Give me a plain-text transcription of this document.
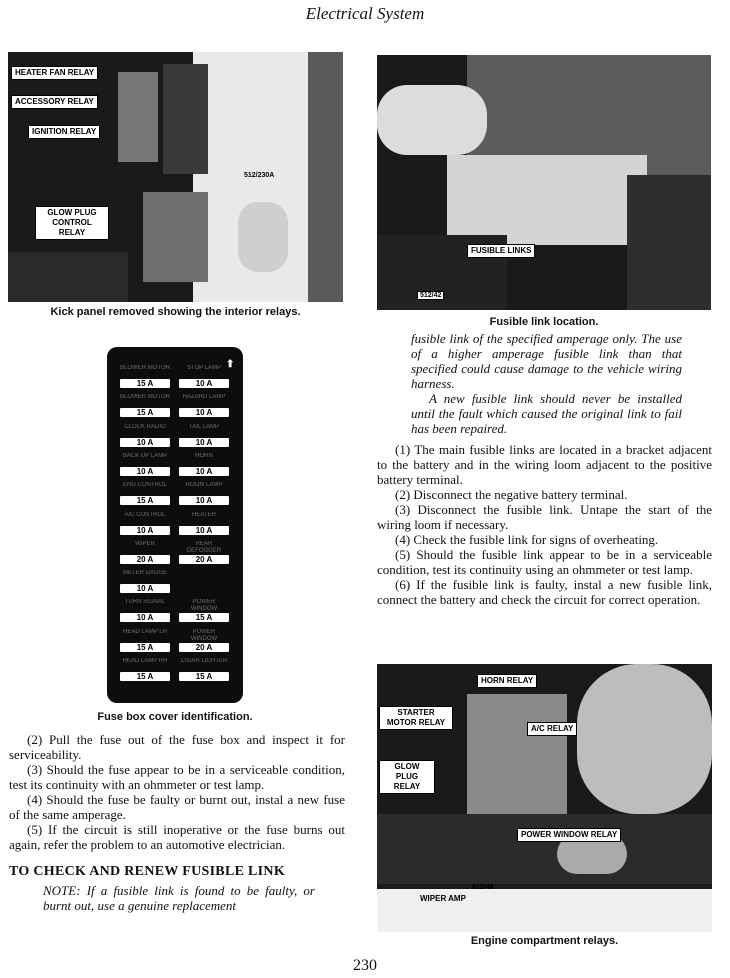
Electrical System
HEATER FAN RELAY
ACCESSORY RELAY
IGNITION RELAY
GLOW PLUG CONTROL RELAY
512/230A
Kick panel removed showing the interior relays.
FUSIBLE LINKS
512/42
Fusible link location.
⬆
512/04
BLOWER MOTOR
15 A
BLOWER MOTOR
15 A
CLOCK RADIO
10 A
BACK UP LAMP
10 A
ENG CONTROL
15 A
A/C CONTROL
10 A
WIPER
20 A
METER GAUGE
10 A
TURN SIGNAL
10 A
HEAD LAMP LH
15 A
HEAD LAMP RH
15 A
STOP LAMP
10 A
HAZARD LAMP
10 A
TAIL LAMP
10 A
HORN
10 A
ROOM LAMP
10 A
HEATER
10 A
REAR DEFOGGER
20 A
POWER WINDOW
15 A
POWER WINDOW
20 A
CIGAR LIGHTER
15 A
Fuse box cover identification.
HORN RELAY
STARTER MOTOR RELAY
A/C RELAY
GLOW PLUG RELAY
POWER WINDOW RELAY
WIPER AMP
512/48
Engine compartment relays.

fusible link of the specified amperage only. The use of a higher amperage fusible link than that specified could cause damage to the vehicle wiring harness.

A new fusible link should never be installed until the fault which caused the original link to fail has been repaired.

(1) The main fusible links are located in a bracket adjacent to the battery and in the wiring loom adjacent to the positive battery terminal.

(2) Disconnect the negative battery terminal.

(3) Disconnect the fusible link. Untape the start of the wiring loom if necessary.

(4) Check the fusible link for signs of overheating.

(5) Should the fusible link appear to be in a serviceable condition, test its continuity using an ohmmeter or test lamp.

(6) If the fusible link is faulty, instal a new fusible link, connect the battery and check the circuit for correct operation.

(2) Pull the fuse out of the fuse box and inspect it for serviceability.

(3) Should the fuse appear to be in a serviceable condition, test its continuity with an ohmmeter or test lamp.

(4) Should the fuse be faulty or burnt out, instal a new fuse of the same amperage.

(5) If the circuit is still inoperative or the fuse burns out again, refer the problem to an automotive electrician.

TO CHECK AND RENEW FUSIBLE LINK

NOTE: If a fusible link is found to be faulty, or burnt out, use a genuine replacement

230
